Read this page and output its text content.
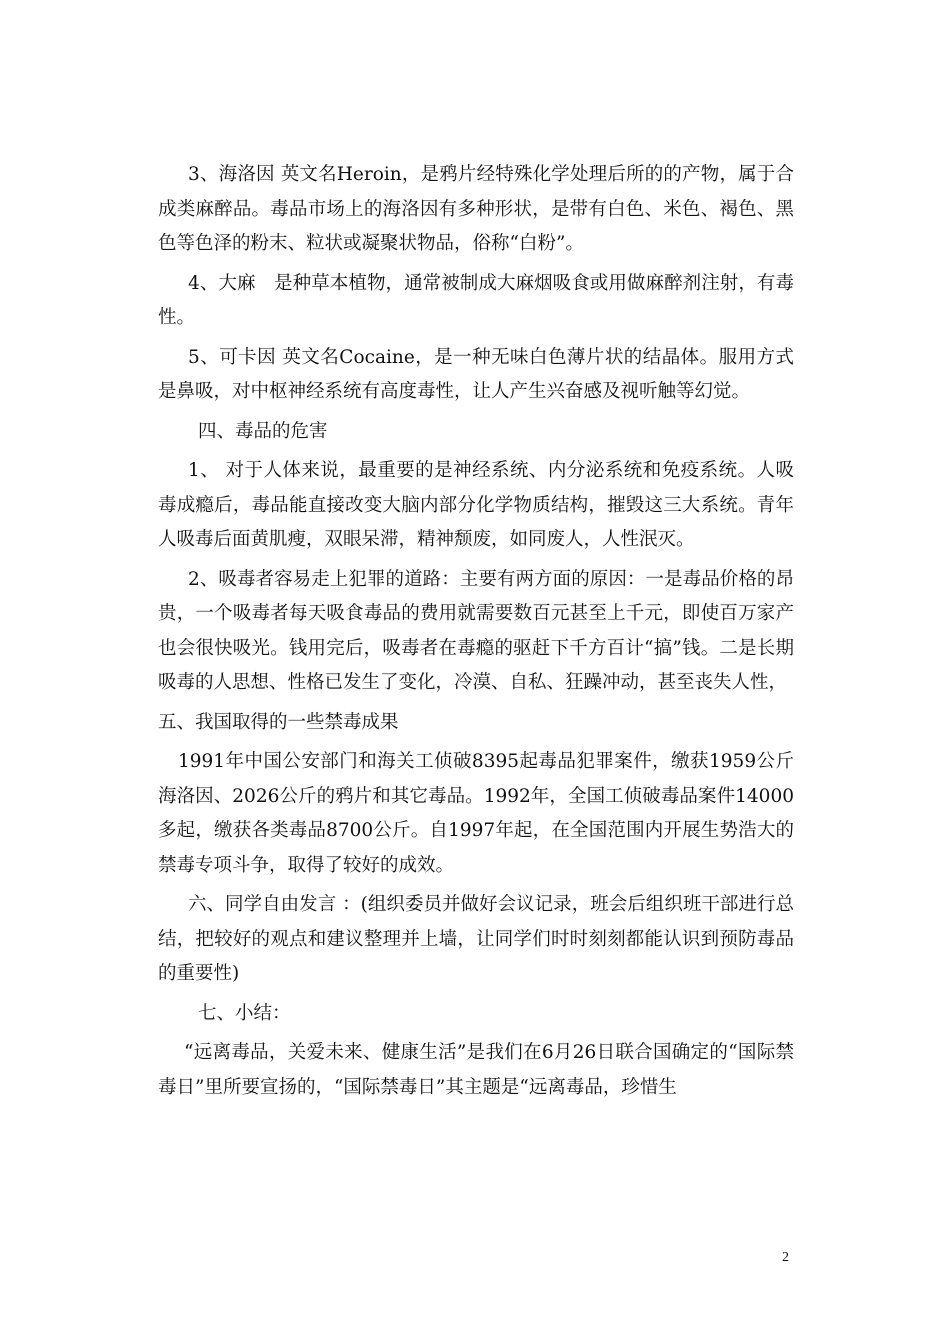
3、海洛因 英文名Heroin，是鸦片经特殊化学处理后所的的产物，属于合成类麻醉品。毒品市场上的海洛因有多种形状，是带有白色、米色、褐色、黑色等色泽的粉末、粒状或凝聚状物品，俗称“白粉”。

4、大麻　是种草本植物，通常被制成大麻烟吸食或用做麻醉剂注射，有毒性。

5、可卡因 英文名Cocaine，是一种无味白色薄片状的结晶体。服用方式是鼻吸，对中枢神经系统有高度毒性，让人产生兴奋感及视听触等幻觉。

四、毒品的危害

1、 对于人体来说，最重要的是神经系统、内分泌系统和免疫系统。人吸毒成瘾后，毒品能直接改变大脑内部分化学物质结构，摧毁这三大系统。青年人吸毒后面黄肌瘦，双眼呆滞，精神颓废，如同废人，人性泯灭。

2、吸毒者容易走上犯罪的道路：主要有两方面的原因：一是毒品价格的昂贵，一个吸毒者每天吸食毒品的费用就需要数百元甚至上千元，即使百万家产也会很快吸光。钱用完后，吸毒者在毒瘾的驱赶下千方百计“搞”钱。二是长期吸毒的人思想、性格已发生了变化，冷漠、自私、狂躁冲动，甚至丧失人性，

五、我国取得的一些禁毒成果

1991年中国公安部门和海关工侦破8395起毒品犯罪案件，缴获1959公斤海洛因、2026公斤的鸦片和其它毒品。1992年，全国工侦破毒品案件14000多起，缴获各类毒品8700公斤。自1997年起，在全国范围内开展生势浩大的禁毒专项斗争，取得了较好的成效。

六、同学自由发言 ：(组织委员并做好会议记录，班会后组织班干部进行总结，把较好的观点和建议整理并上墙，让同学们时时刻刻都能认识到预防毒品的重要性)

七、小结：

“远离毒品，关爱未来、健康生活”是我们在6月26日联合国确定的“国际禁毒日”里所要宣扬的，“国际禁毒日”其主题是“远离毒品，珍惜生

2
